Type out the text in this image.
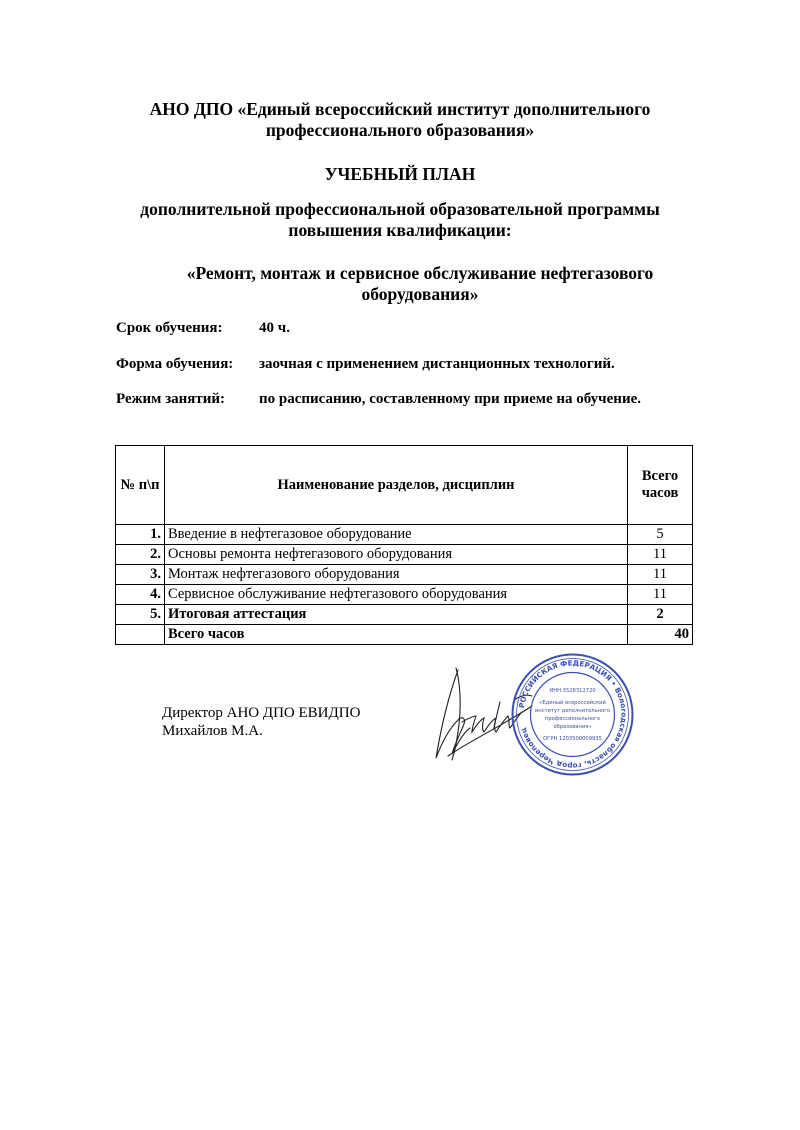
АНО ДПО «Единый всероссийский институт дополнительного
профессионального образования»
УЧЕБНЫЙ ПЛАН
дополнительной профессиональной образовательной программы
повышения квалификации:
«Ремонт, монтаж и сервисное обслуживание нефтегазового
оборудования»
Срок обучения: 40 ч.
Форма обучения: заочная с применением дистанционных технологий.
Режим занятий: по расписанию, составленному при приеме на обучение.
№ п\п	Наименование разделов, дисциплин	Всего
часов

1.	Введение в нефтегазовое оборудование	5
2.	Основы ремонта нефтегазового оборудования	11
3.	Монтаж нефтегазового оборудования	11
4.	Сервисное обслуживание нефтегазового оборудования	11
5.	Итоговая аттестация	2
	Всего часов	40
Директор АНО ДПО ЕВИДПО
Михайлов М.А.
РОССИЙСКАЯ ФЕДЕРАЦИЯ • Вологодская область, город Череповец
ИНН 3528312720
«Единый всероссийский
институт дополнительного
профессионального
образования»
ОГРН 1203500009935
